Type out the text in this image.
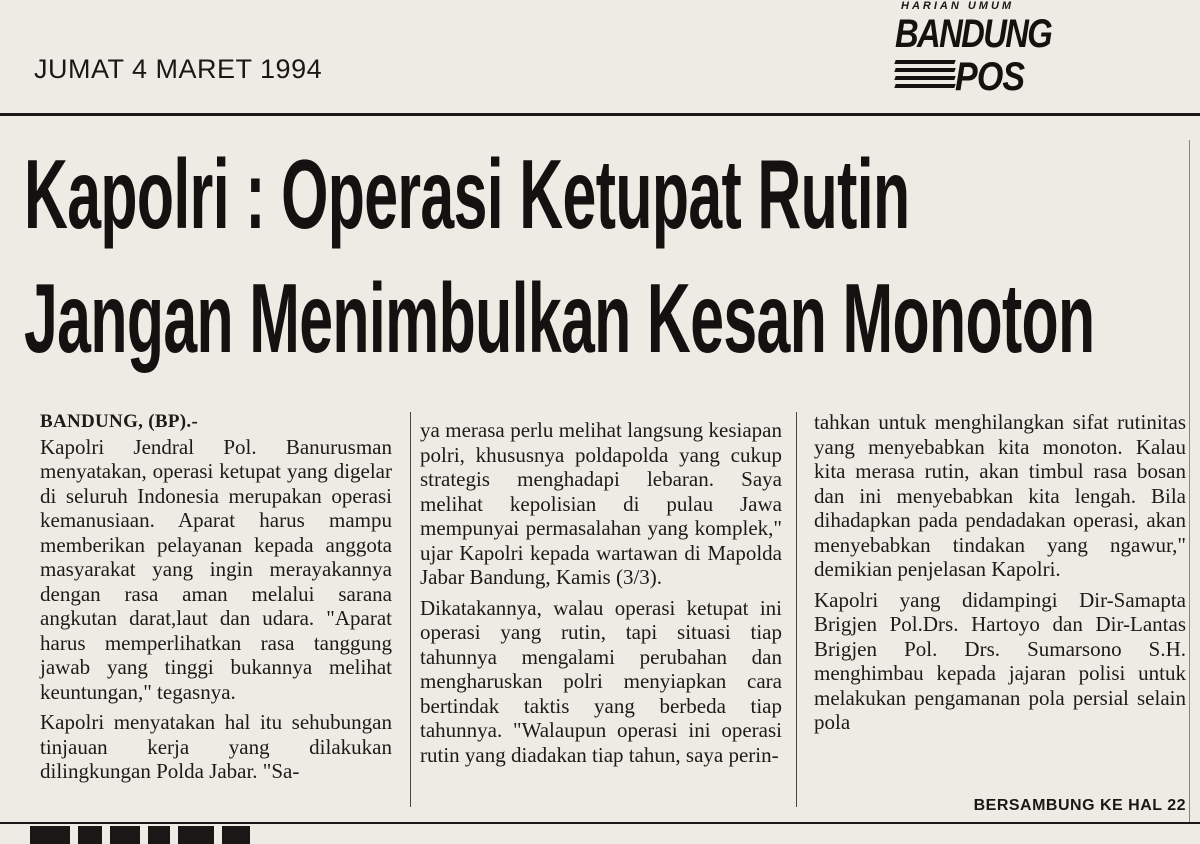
JUMAT 4 MARET 1994
HARIAN UMUM
BANDUNG
POS
Kapolri : Operasi Ketupat Rutin
Jangan Menimbulkan Kesan Monoton
BANDUNG, (BP).-

Kapolri Jendral Pol. Banurusman menyatakan, operasi ketupat yang digelar di seluruh Indonesia merupakan operasi kemanusiaan. Aparat harus mampu memberikan pelayanan kepada anggota masyarakat yang ingin merayakannya dengan rasa aman melalui sarana angkutan darat,laut dan udara. "Aparat harus memperlihatkan rasa tanggung jawab yang tinggi bukannya melihat keuntungan," tegasnya.

Kapolri menyatakan hal itu sehubungan tinjauan kerja yang dilakukan dilingkungan Polda Jabar. "Sa-

ya merasa perlu melihat langsung kesiapan polri, khususnya poldapolda yang cukup strategis menghadapi lebaran. Saya melihat kepolisian di pulau Jawa mempunyai permasalahan yang komplek," ujar Kapolri kepada wartawan di Mapolda Jabar Bandung, Kamis (3/3).

Dikatakannya, walau operasi ketupat ini operasi yang rutin, tapi situasi tiap tahunnya mengalami perubahan dan mengharuskan polri menyiapkan cara bertindak taktis yang berbeda tiap tahunnya. "Walaupun operasi ini operasi rutin yang diadakan tiap tahun, saya perin-

tahkan untuk menghilangkan sifat rutinitas yang menyebabkan kita monoton. Kalau kita merasa rutin, akan timbul rasa bosan dan ini menyebabkan kita lengah. Bila dihadapkan pada pendadakan operasi, akan menyebabkan tindakan yang ngawur," demikian penjelasan Kapolri.

Kapolri yang didampingi Dir-Samapta Brigjen Pol.Drs. Hartoyo dan Dir-Lantas Brigjen Pol. Drs. Sumarsono S.H. menghimbau kepada jajaran polisi untuk melakukan pengamanan pola persial selain pola

BERSAMBUNG KE HAL 22
